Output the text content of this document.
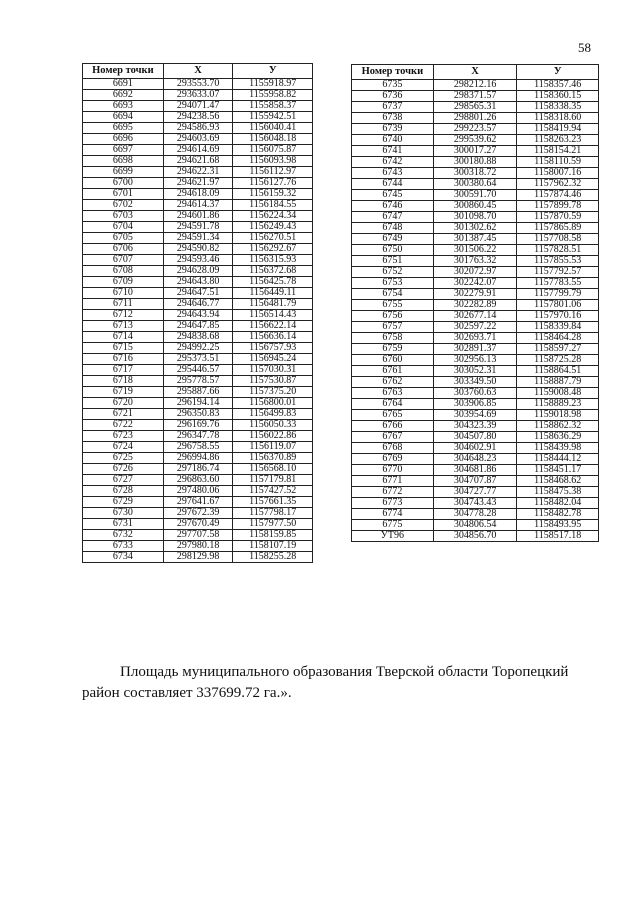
58
Номер точки	X	У
6691	293553.70	1155918.97
6692	293633.07	1155958.82
6693	294071.47	1155858.37
6694	294238.56	1155942.51
6695	294586.93	1156040.41
6696	294603.69	1156048.18
6697	294614.69	1156075.87
6698	294621.68	1156093.98
6699	294622.31	1156112.97
6700	294621.97	1156127.76
6701	294618.09	1156159.32
6702	294614.37	1156184.55
6703	294601.86	1156224.34
6704	294591.78	1156249.43
6705	294591.34	1156270.51
6706	294590.82	1156292.67
6707	294593.46	1156315.93
6708	294628.09	1156372.68
6709	294643.80	1156425.78
6710	294647.51	1156449.11
6711	294646.77	1156481.79
6712	294643.94	1156514.43
6713	294647.85	1156622.14
6714	294838.68	1156636.14
6715	294992.25	1156757.93
6716	295373.51	1156945.24
6717	295446.57	1157030.31
6718	295778.57	1157530.87
6719	295887.66	1157375.20
6720	296194.14	1156800.01
6721	296350.83	1156499.83
6722	296169.76	1156050.33
6723	296347.78	1156022.86
6724	296758.55	1156119.07
6725	296994.86	1156370.89
6726	297186.74	1156568.10
6727	296863.60	1157179.81
6728	297480.06	1157427.52
6729	297641.67	1157661.35
6730	297672.39	1157798.17
6731	297670.49	1157977.50
6732	297707.58	1158159.85
6733	297980.18	1158107.19
6734	298129.98	1158255.28
Номер точки	X	У
6735	298212.16	1158357.46
6736	298371.57	1158360.15
6737	298565.31	1158338.35
6738	298801.26	1158318.60
6739	299223.57	1158419.94
6740	299539.62	1158263.23
6741	300017.27	1158154.21
6742	300180.88	1158110.59
6743	300318.72	1158007.16
6744	300380.64	1157962.32
6745	300591.70	1157874.46
6746	300860.45	1157899.78
6747	301098.70	1157870.59
6748	301302.62	1157865.89
6749	301387.45	1157708.58
6750	301506.22	1157828.51
6751	301763.32	1157855.53
6752	302072.97	1157792.57
6753	302242.07	1157783.55
6754	302279.91	1157799.79
6755	302282.89	1157801.06
6756	302677.14	1157970.16
6757	302597.22	1158339.84
6758	302693.71	1158464.28
6759	302891.37	1158597.27
6760	302956.13	1158725.28
6761	303052.31	1158864.51
6762	303349.50	1158887.79
6763	303760.63	1159008.48
6764	303906.85	1158889.23
6765	303954.69	1159018.98
6766	304323.39	1158862.32
6767	304507.80	1158636.29
6768	304602.91	1158439.98
6769	304648.23	1158444.12
6770	304681.86	1158451.17
6771	304707.87	1158468.62
6772	304727.77	1158475.38
6773	304743.43	1158482.04
6774	304778.28	1158482.78
6775	304806.54	1158493.95
УТ96	304856.70	1158517.18
Площадь муниципального образования Тверской области Торопецкий
район составляет 337699.72 га.».
